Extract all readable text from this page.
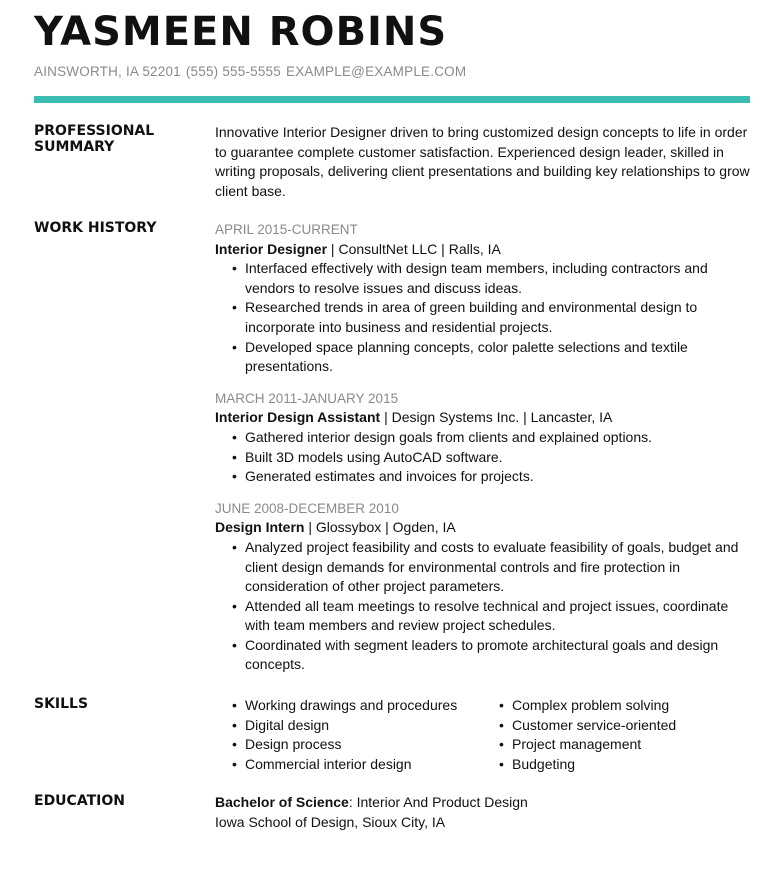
YASMEEN ROBINS
AINSWORTH, IA 52201 (555) 555-5555 EXAMPLE@EXAMPLE.COM
PROFESSIONAL
SUMMARY

Innovative Interior Designer driven to bring customized design concepts to life in order to guarantee complete customer satisfaction. Experienced design leader, skilled in writing proposals, delivering client presentations and building key relationships to grow client base.

WORK HISTORY	APRIL 2015-CURRENT
Interior Designer | ConsultNet LLC | Ralls, IA
• Interfaced effectively with design team members, including contractors and vendors to resolve issues and discuss ideas.
• Researched trends in area of green building and environmental design to incorporate into business and residential projects.
• Developed space planning concepts, color palette selections and textile presentations.
MARCH 2011-JANUARY 2015
Interior Design Assistant | Design Systems Inc. | Lancaster, IA
• Gathered interior design goals from clients and explained options.
• Built 3D models using AutoCAD software.
• Generated estimates and invoices for projects.
JUNE 2008-DECEMBER 2010
Design Intern | Glossybox | Ogden, IA
• Analyzed project feasibility and costs to evaluate feasibility of goals, budget and client design demands for environmental controls and fire protection in consideration of other project parameters.
• Attended all team meetings to resolve technical and project issues, coordinate with team members and review project schedules.
• Coordinated with segment leaders to promote architectural goals and design concepts.
SKILLS
•	Working drawings and procedures
• Digital design
• Design process
• Commercial interior design
• Complex problem solving
• Customer service-oriented
• Project management
• Budgeting
EDUCATION	Bachelor of Science: Interior And Product Design
Iowa School of Design, Sioux City, IA
